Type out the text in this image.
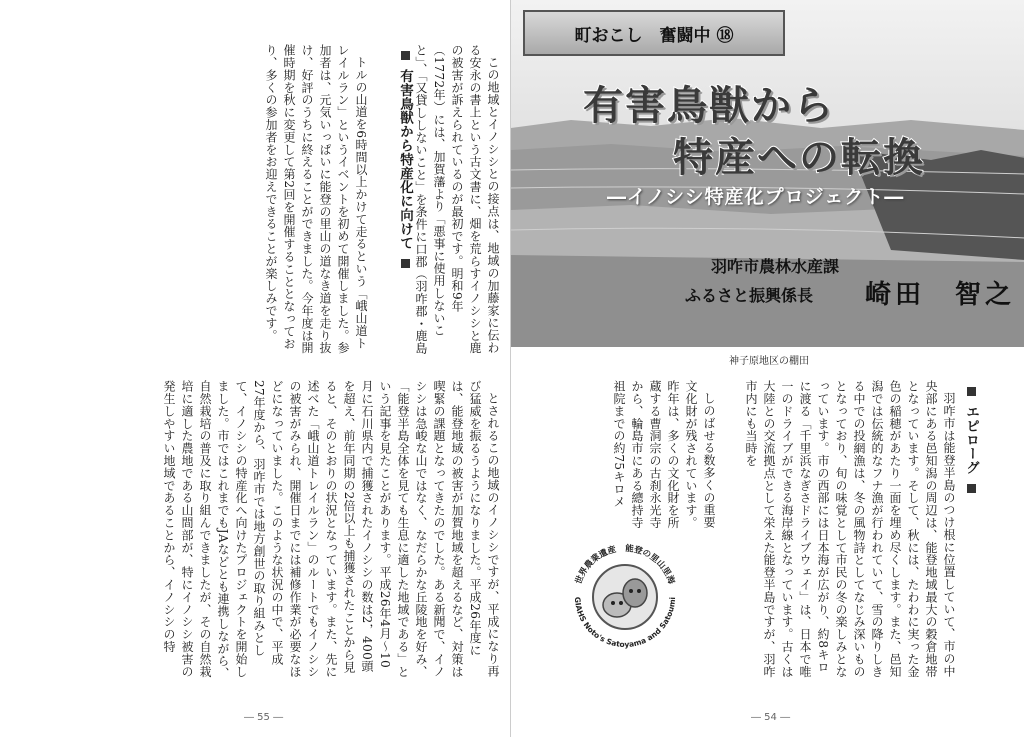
トルの山道を6時間以上かけて走るという「峨山道トレイルラン」というイベントを初めて開催しました。参加者は、元気いっぱいに能登の里山の道なき道を走り抜け、好評のうちに終えることができました。今年度は開催時期を秋に変更して第2回を開催することとなっており、多くの参加者をお迎えできることが楽しみです。	有害鳥獣から特産化に向けて

この地域とイノシシとの接点は、地域の加藤家に伝わる安永の書上という古文書に、畑を荒らすイノシシと鹿の被害が訴えられているのが最初です。明和9年（1772年）には、加賀藩より「悪事に使用しないこと」、「又貸ししないこと」を条件に口郡（羽咋郡・鹿島

とされるこの地域のイノシシですが、平成になり再び猛威を振るうようになりました。平成26年度には、能登地域の被害が加賀地域を超えるなど、対策は喫緊の課題となってきたのでした。ある新聞で、イノシシは急峻な山ではなく、なだらかな丘陵地を好み、「能登半島全体を見ても生息に適した地域である」という記事を見たことがあります。平成26年4月～10月に石川県内で捕獲されたイノシシの数は2，400頭を超え、前年同期の2倍以上も捕獲されたことから見ると、そのとおりの状況となっています。また、先に述べた「峨山道トレイルラン」のルートでもイノシシの被害がみられ、開催日までには補修作業が必要なほどになっていました。このような状況の中で、平成27年度から、羽咋市では地方創世の取り組みとして、イノシシの特産化へ向けたプロジェクトを開始しました。市ではこれまでもJAなどとも連携しながら、自然栽培の普及に取り組んできましたが、その自然栽培に適した農地である山間部が、特にイノシシ被害の発生しやすい地域であることから、イノシシの特

― 55 ―
町おこし　奮闘中 ⑱
有害鳥獣から
特産への転換
―イノシシ特産化プロジェクト―
羽咋市農林水産課
ふるさと振興係長 崎田　智之
神子原地区の棚田
エピローグ

羽咋市は能登半島のつけ根に位置していて、市の中央部にある邑知潟の周辺は、能登地域最大の穀倉地帯となっています。そして、秋には、たわわに実った金色の稲穂があたり一面を埋め尽くします。また、邑知潟では伝統的なフナ漁が行われていて、雪の降りしきる中での投網漁は、冬の風物詩としてなじみ深いものとなっており、旬の味覚として市民の冬の楽しみとなっています。市の西部には日本海が広がり、約8キロに渡る「千里浜なぎさドライブウェイ」は、日本で唯一のドライブができる海岸線となっています。古くは大陸との交流拠点として栄えた能登半島ですが、羽咋市内にも当時を

しのばせる数多くの重要文化財が残されています。昨年は、多くの文化財を所蔵する曹洞宗の古刹永光寺から、輪島市にある總持寺祖院までの約75キロメ

世界農業遺産　能登の里山里海
GIAHS Noto's Satoyama and Satoumi
― 54 ―
